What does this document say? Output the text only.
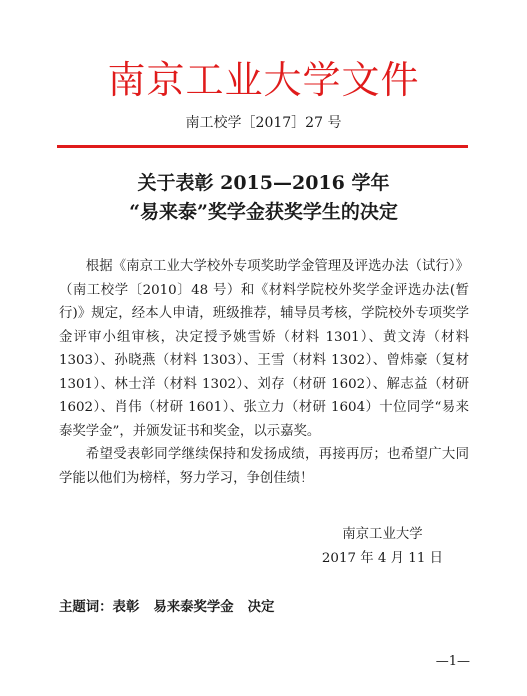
南京工业大学文件
南工校学［2017］27 号
关于表彰 2015—2016 学年
“易来泰”奖学金获奖学生的决定

根据《南京工业大学校外专项奖助学金管理及评选办法（试行）》（南工校学〔2010〕48 号）和《材料学院校外奖学金评选办法(暂行)》规定，经本人申请，班级推荐，辅导员考核，学院校外专项奖学金评审小组审核，决定授予姚雪娇（材料 1301）、黄文涛（材料 1303）、孙晓燕（材料 1303）、王雪（材料 1302）、曾炜豪（复材 1301）、林士洋（材料 1302）、刘存（材研 1602）、解志益（材研 1602）、肖伟（材研 1601）、张立力（材研 1604）十位同学“易来泰奖学金”，并颁发证书和奖金，以示嘉奖。

希望受表彰同学继续保持和发扬成绩，再接再厉；也希望广大同学能以他们为榜样，努力学习，争创佳绩！

南京工业大学
2017 年 4 月 11 日
主题词：表彰   易来泰奖学金   决定
—1—
